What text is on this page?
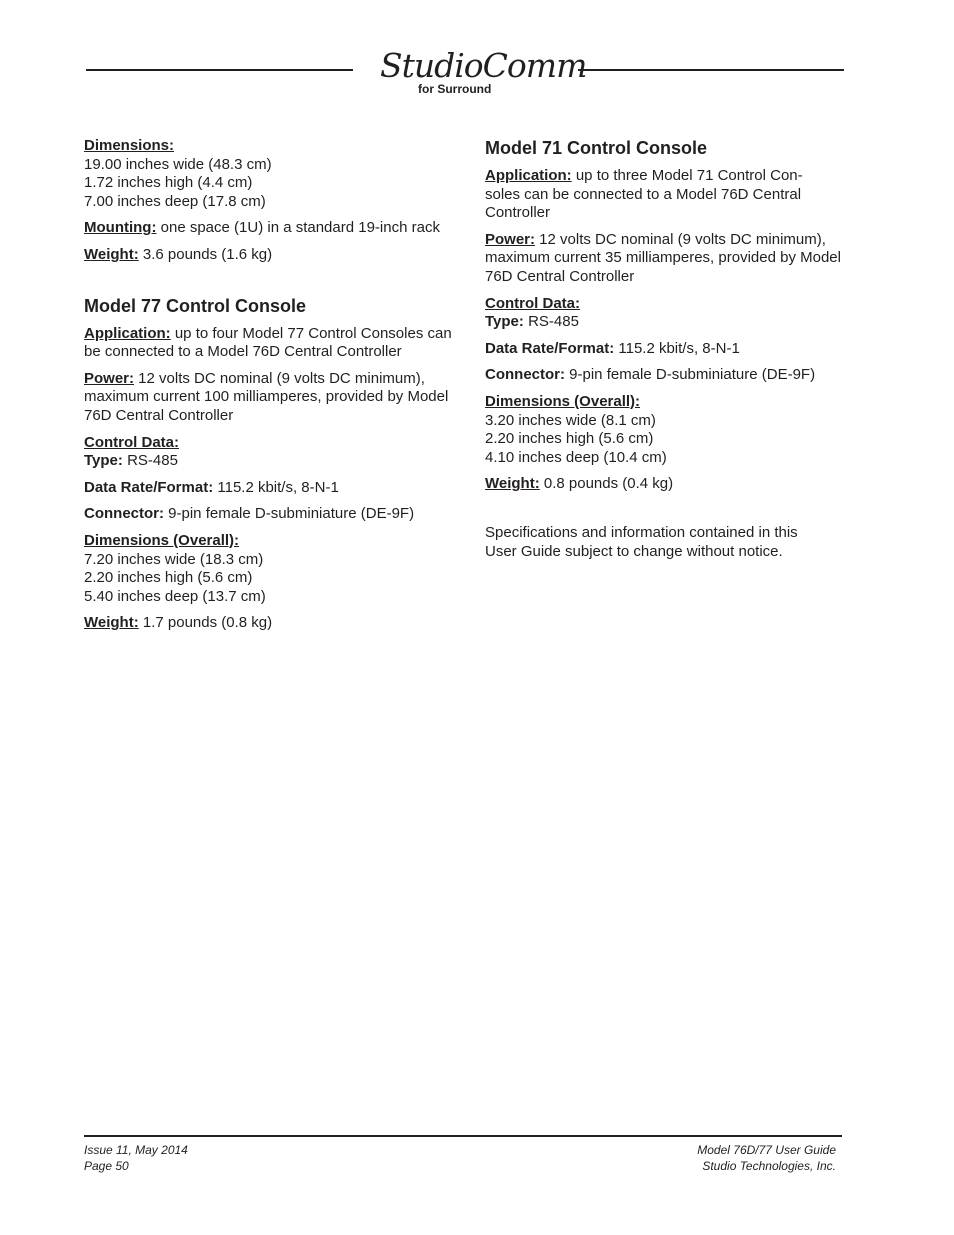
StudioComm
for Surround

Dimensions:

19.00 inches wide (48.3 cm)

1.72 inches high (4.4 cm)

7.00 inches deep (17.8 cm)

Mounting: one space (1U) in a standard 19-inch rack

Weight: 3.6 pounds (1.6 kg)

Model 77 Control Console

Application: up to four Model 77 Control Consoles can be connected to a Model 76D Central Controller

Power: 12 volts DC nominal (9 volts DC minimum), maximum current 100 milliamperes, provided by Model 76D Central Controller

Control Data:

Type: RS-485

Data Rate/Format: 115.2 kbit/s, 8-N-1

Connector: 9-pin female D-subminiature (DE-9F)

Dimensions (Overall):

7.20 inches wide (18.3 cm)

2.20 inches high (5.6 cm)

5.40 inches deep (13.7 cm)

Weight: 1.7 pounds (0.8 kg)

Model 71 Control Console

Application: up to three Model 71 Control Con-
soles can be connected to a Model 76D Central Controller

Power: 12 volts DC nominal (9 volts DC minimum), maximum current 35 milliamperes, provided by Model 76D Central Controller

Control Data:

Type: RS-485

Data Rate/Format: 115.2 kbit/s, 8-N-1

Connector: 9-pin female D-subminiature (DE-9F)

Dimensions (Overall):

3.20 inches wide (8.1 cm)

2.20 inches high (5.6 cm)

4.10 inches deep (10.4 cm)

Weight: 0.8 pounds (0.4 kg)

Specifications and information contained in this User Guide subject to change without notice.

Issue 11, May 2014
Page 50
Model 76D/77 User Guide
Studio Technologies, Inc.
